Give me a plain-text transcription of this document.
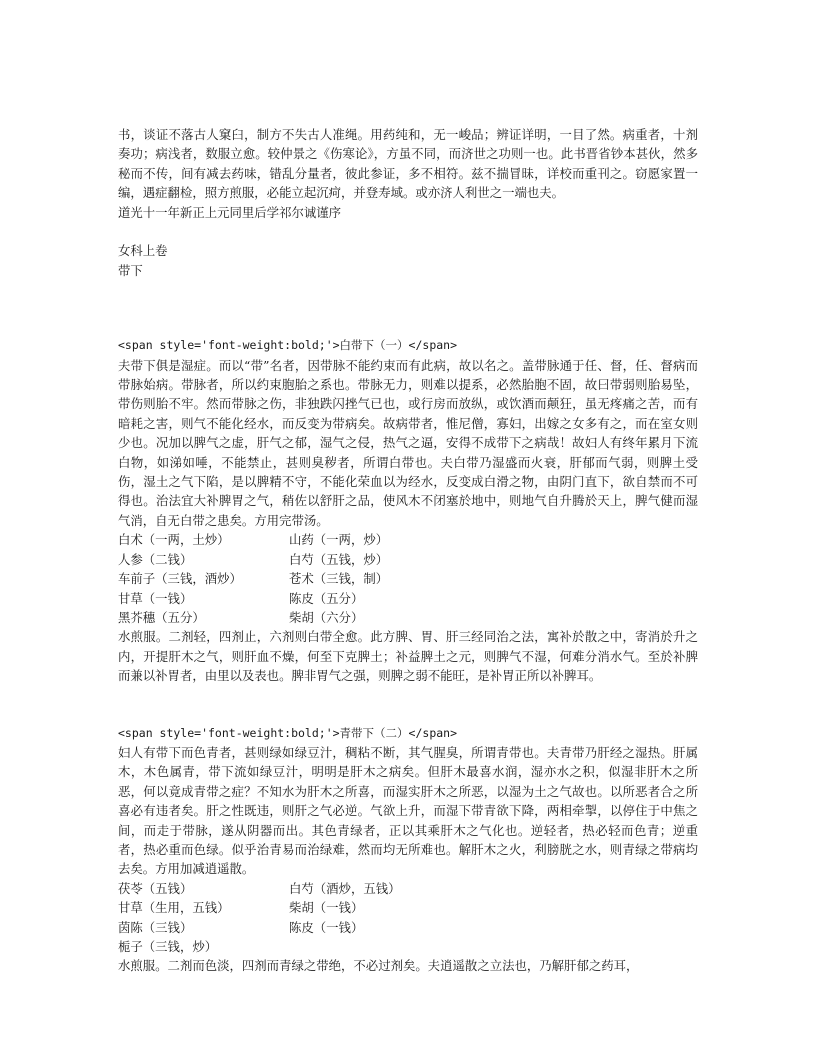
书，谈证不落古人窠臼，制方不失古人准绳。用药纯和，无一峻品；辨证详明，一目了然。病重者，十剂奏功；病浅者，数服立愈。较仲景之《伤寒论》，方虽不同，而济世之功则一也。此书晋省钞本甚伙，然多秘而不传，间有减去药味，错乱分量者，彼此参证，多不相符。兹不揣冒昧，详校而重刊之。窃愿家置一编，遇症翻检，照方煎服，必能立起沉疴，并登寿域。或亦济人利世之一端也夫。

道光十一年新正上元同里后学祁尔诚谨序

女科上卷

带下

<span style='font-weight:bold;'>白带下（一）</span>

夫带下俱是湿症。而以“带”名者，因带脉不能约束而有此病，故以名之。盖带脉通于任、督，任、督病而带脉始病。带脉者，所以约束胞胎之系也。带脉无力，则难以提系，必然胎胞不固，故曰带弱则胎易坠，带伤则胎不牢。然而带脉之伤，非独跌闪挫气已也，或行房而放纵，或饮酒而颠狂，虽无疼痛之苦，而有暗耗之害，则气不能化经水，而反变为带病矣。故病带者，惟尼僧，寡妇，出嫁之女多有之，而在室女则少也。况加以脾气之虚，肝气之郁，湿气之侵，热气之逼，安得不成带下之病哉！故妇人有终年累月下流白物，如涕如唾，不能禁止，甚则臭秽者，所谓白带也。夫白带乃湿盛而火衰，肝郁而气弱，则脾土受伤，湿土之气下陷，是以脾精不守，不能化荣血以为经水，反变成白滑之物，由阴门直下，欲自禁而不可得也。治法宜大补脾胃之气，稍佐以舒肝之品，使风木不闭塞於地中，则地气自升腾於天上，脾气健而湿气消，自无白带之患矣。方用完带汤。

白术（一两，土炒）	山药（一两，炒）
人参（二钱）	白芍（五钱，炒）
车前子（三钱，酒炒）	苍术（三钱，制）
甘草（一钱）	陈皮（五分）
黑芥穗（五分）	柴胡（六分）

水煎服。二剂轻，四剂止，六剂则白带全愈。此方脾、胃、肝三经同治之法，寓补於散之中，寄消於升之内，开提肝木之气，则肝血不燥，何至下克脾土；补益脾土之元，则脾气不湿，何难分消水气。至於补脾而兼以补胃者，由里以及表也。脾非胃气之强，则脾之弱不能旺，是补胃正所以补脾耳。

<span style='font-weight:bold;'>青带下（二）</span>

妇人有带下而色青者，甚则绿如绿豆汁，稠粘不断，其气腥臭，所谓青带也。夫青带乃肝经之湿热。肝属木，木色属青，带下流如绿豆汁，明明是肝木之病矣。但肝木最喜水润，湿亦水之积，似湿非肝木之所恶，何以竟成青带之症？不知水为肝木之所喜，而湿实肝木之所恶，以湿为土之气故也。以所恶者合之所喜必有违者矣。肝之性既违，则肝之气必逆。气欲上升，而湿下带青欲下降，两相牵掣，以停住于中焦之间，而走于带脉，遂从阴器而出。其色青绿者，正以其乘肝木之气化也。逆轻者，热必轻而色青；逆重者，热必重而色绿。似乎治青易而治绿难，然而均无所难也。解肝木之火，利膀胱之水，则青绿之带病均去矣。方用加减逍遥散。

茯苓（五钱）	白芍（酒炒，五钱）
甘草（生用，五钱）	柴胡（一钱）
茵陈（三钱）	陈皮（一钱）
栀子（三钱，炒）

水煎服。二剂而色淡，四剂而青绿之带绝，不必过剂矣。夫逍遥散之立法也，乃解肝郁之药耳，
